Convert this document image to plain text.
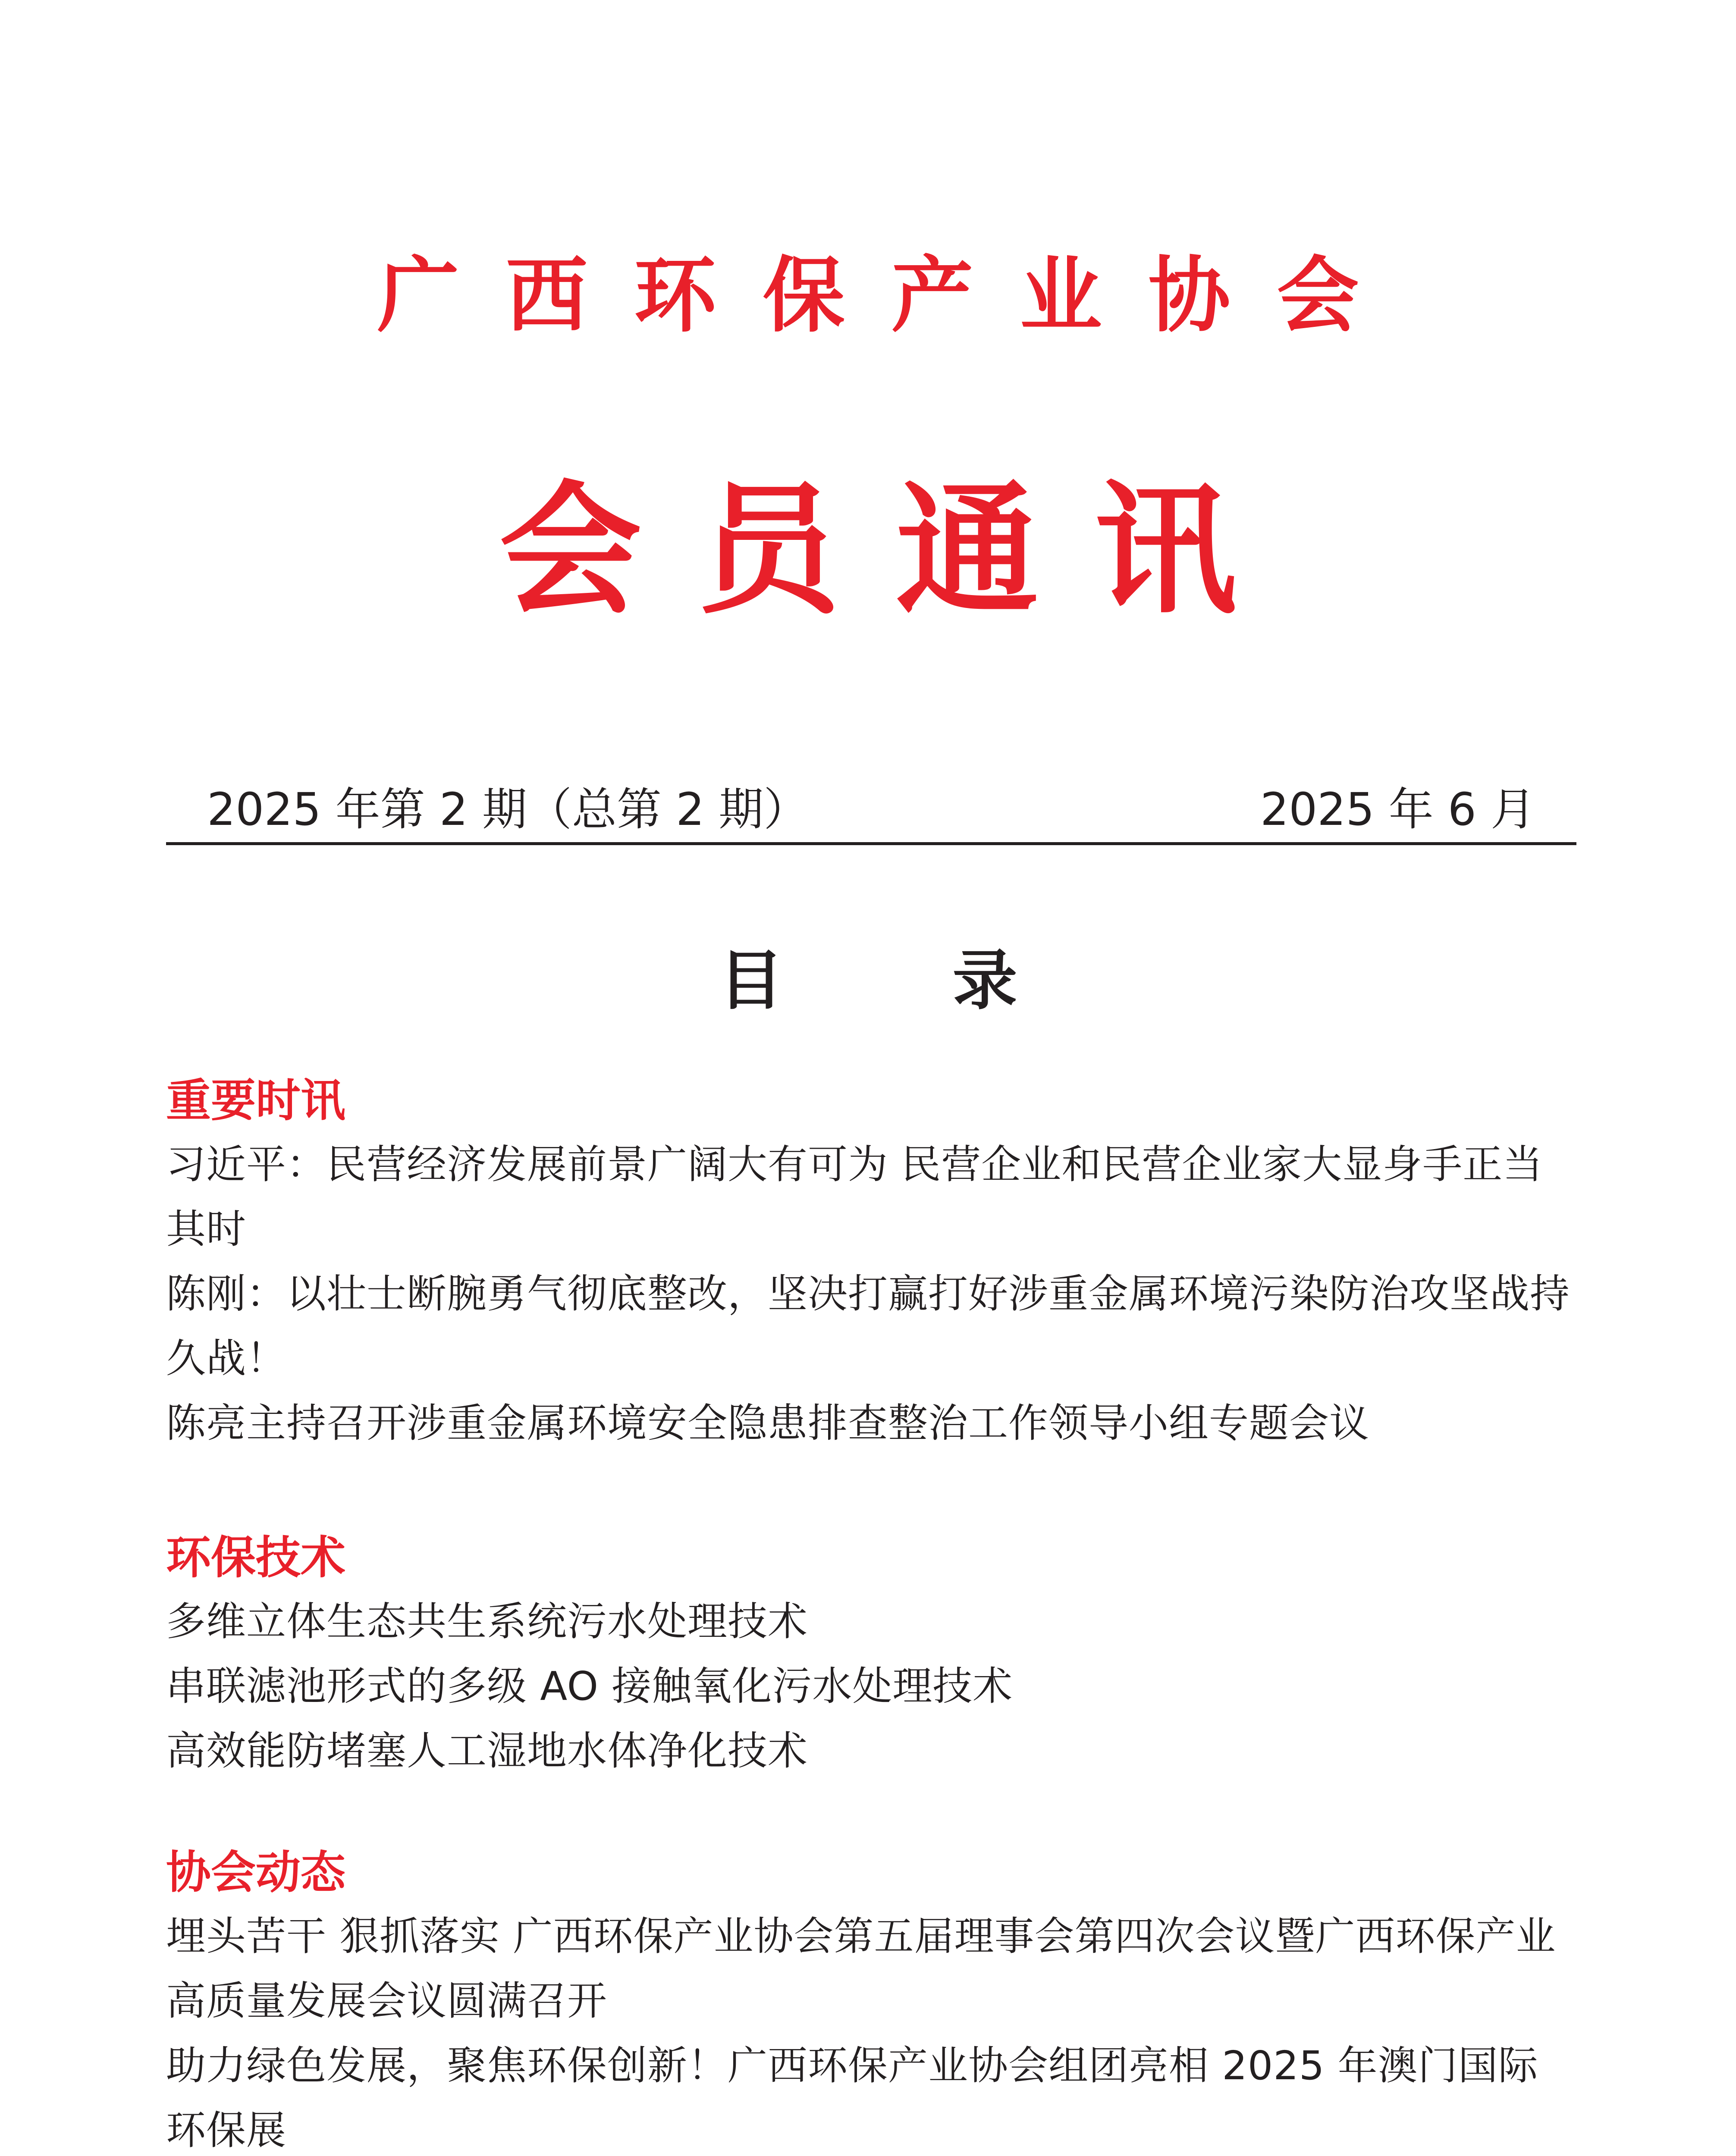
广西环保产业协会
会员通讯
2025 年第 2 期（总第 2 期）	2025 年 6 月
目 录

重要时讯

习近平：民营经济发展前景广阔大有可为 民营企业和民营企业家大显身手正当其时

陈刚：以壮士断腕勇气彻底整改，坚决打赢打好涉重金属环境污染防治攻坚战持久战！

陈亮主持召开涉重金属环境安全隐患排查整治工作领导小组专题会议

环保技术

多维立体生态共生系统污水处理技术

串联滤池形式的多级 AO 接触氧化污水处理技术

高效能防堵塞人工湿地水体净化技术

协会动态

埋头苦干 狠抓落实 广西环保产业协会第五届理事会第四次会议暨广西环保产业高质量发展会议圆满召开

助力绿色发展，聚焦环保创新！广西环保产业协会组团亮相 2025 年澳门国际环保展
